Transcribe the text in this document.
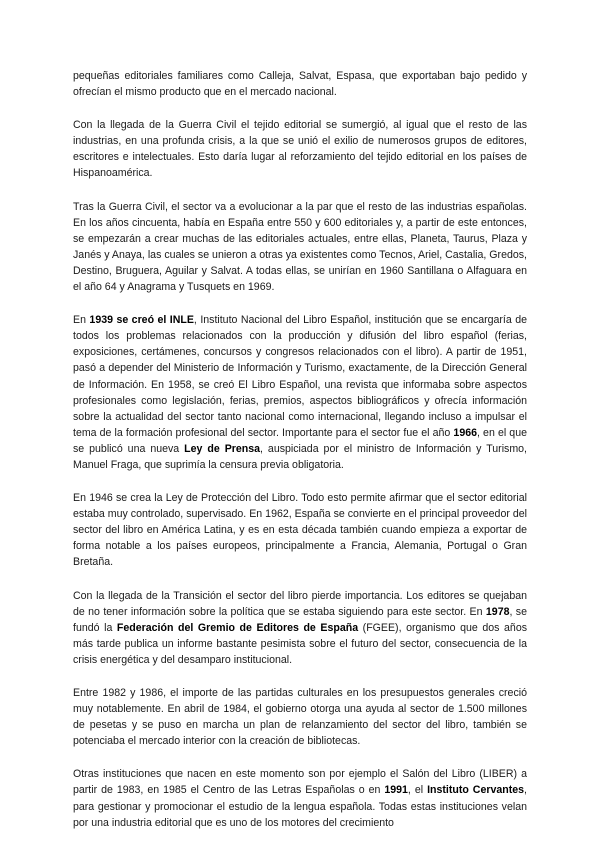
pequeñas editoriales familiares como Calleja, Salvat, Espasa, que exportaban bajo pedido y ofrecían el mismo producto que en el mercado nacional.

Con la llegada de la Guerra Civil el tejido editorial se sumergió, al igual que el resto de las industrias, en una profunda crisis, a la que se unió el exilio de numerosos grupos de editores, escritores e intelectuales. Esto daría lugar al reforzamiento del tejido editorial en los países de Hispanoamérica.

Tras la Guerra Civil, el sector va a evolucionar a la par que el resto de las industrias españolas. En los años cincuenta, había en España entre 550 y 600 editoriales y, a partir de este entonces, se empezarán a crear muchas de las editoriales actuales, entre ellas, Planeta, Taurus, Plaza y Janés y Anaya, las cuales se unieron a otras ya existentes como Tecnos, Ariel, Castalia, Gredos, Destino, Bruguera, Aguilar y Salvat. A todas ellas, se unirían en 1960 Santillana o Alfaguara en el año 64 y Anagrama y Tusquets en 1969.

En 1939 se creó el INLE, Instituto Nacional del Libro Español, institución que se encargaría de todos los problemas relacionados con la producción y difusión del libro español (ferias, exposiciones, certámenes, concursos y congresos relacionados con el libro). A partir de 1951, pasó a depender del Ministerio de Información y Turismo, exactamente, de la Dirección General de Información. En 1958, se creó El Libro Español, una revista que informaba sobre aspectos profesionales como legislación, ferias, premios, aspectos bibliográficos y ofrecía información sobre la actualidad del sector tanto nacional como internacional, llegando incluso a impulsar el tema de la formación profesional del sector. Importante para el sector fue el año 1966, en el que se publicó una nueva Ley de Prensa, auspiciada por el ministro de Información y Turismo, Manuel Fraga, que suprimía la censura previa obligatoria.

En 1946 se crea la Ley de Protección del Libro. Todo esto permite afirmar que el sector editorial estaba muy controlado, supervisado. En 1962, España se convierte en el principal proveedor del sector del libro en América Latina, y es en esta década también cuando empieza a exportar de forma notable a los países europeos, principalmente a Francia, Alemania, Portugal o Gran Bretaña.

Con la llegada de la Transición el sector del libro pierde importancia. Los editores se quejaban de no tener información sobre la política que se estaba siguiendo para este sector. En 1978, se fundó la Federación del Gremio de Editores de España (FGEE), organismo que dos años más tarde publica un informe bastante pesimista sobre el futuro del sector, consecuencia de la crisis energética y del desamparo institucional.

Entre 1982 y 1986, el importe de las partidas culturales en los presupuestos generales creció muy notablemente. En abril de 1984, el gobierno otorga una ayuda al sector de 1.500 millones de pesetas y se puso en marcha un plan de relanzamiento del sector del libro, también se potenciaba el mercado interior con la creación de bibliotecas.

Otras instituciones que nacen en este momento son por ejemplo el Salón del Libro (LIBER) a partir de 1983, en 1985 el Centro de las Letras Españolas o en 1991, el Instituto Cervantes, para gestionar y promocionar el estudio de la lengua española. Todas estas instituciones velan por una industria editorial que es uno de los motores del crecimiento
